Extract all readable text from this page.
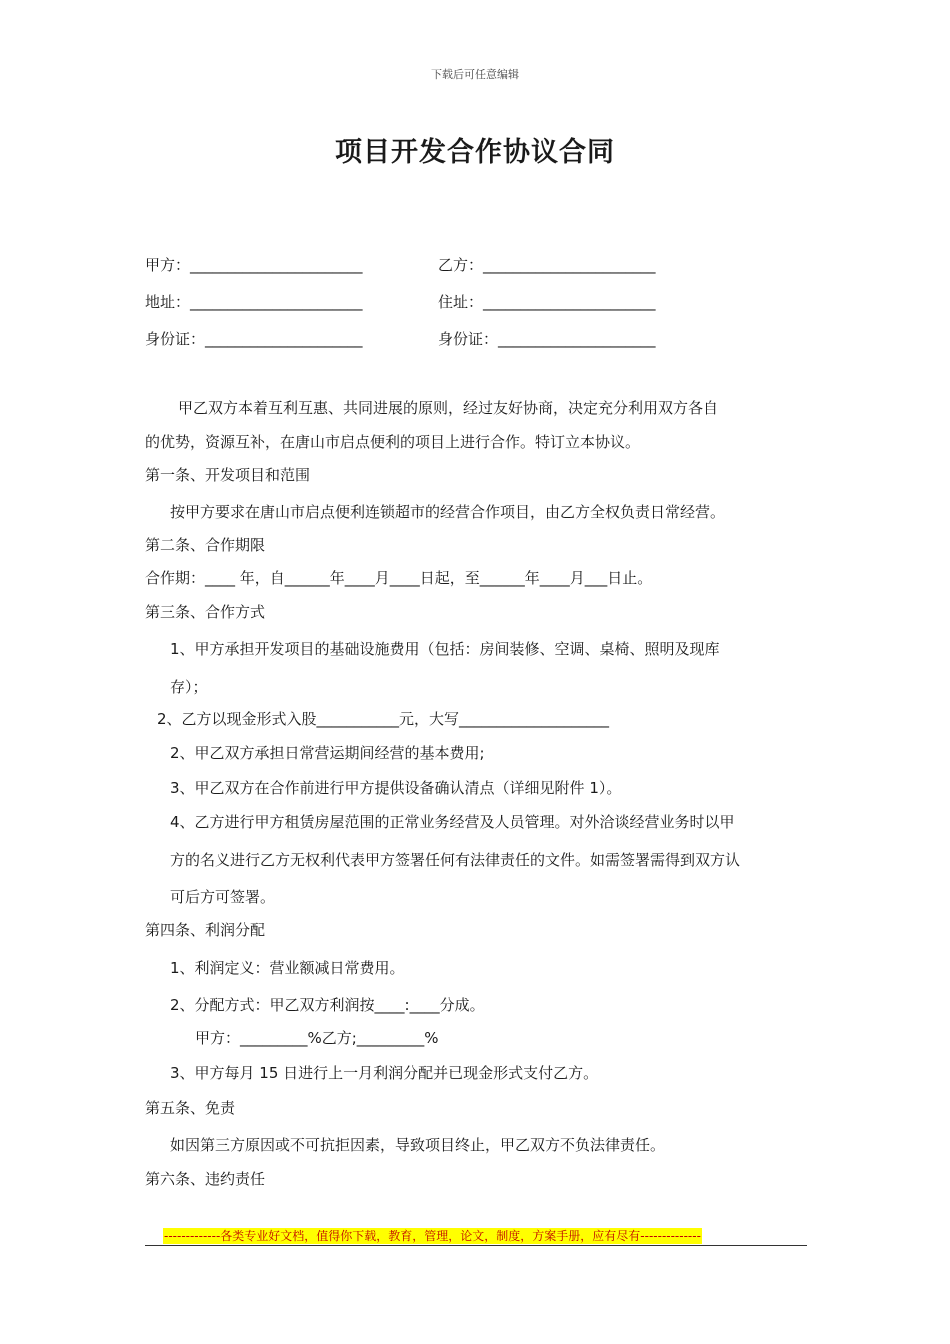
下载后可任意编辑
项目开发合作协议合同
甲方：_______________________	乙方：_______________________
地址：_______________________	住址：_______________________
身份证：_____________________	身份证：_____________________
甲乙双方本着互利互惠、共同进展的原则，经过友好协商，决定充分利用双方各自
的优势，资源互补，在唐山市启点便利的项目上进行合作。特订立本协议。
第一条、开发项目和范围
按甲方要求在唐山市启点便利连锁超市的经营合作项目，由乙方全权负责日常经营。
第二条、合作期限
合作期：____ 年，自______年____月____日起，至______年____月___日止。
第三条、合作方式
1、甲方承担开发项目的基础设施费用（包括：房间装修、空调、桌椅、照明及现库
存）；
2、乙方以现金形式入股___________元，大写____________________
2、甲乙双方承担日常营运期间经营的基本费用;
3、甲乙双方在合作前进行甲方提供设备确认清点（详细见附件 1）。
4、乙方进行甲方租赁房屋范围的正常业务经营及人员管理。对外洽谈经营业务时以甲
方的名义进行乙方无权利代表甲方签署任何有法律责任的文件。如需签署需得到双方认
可后方可签署。
第四条、利润分配
1、利润定义：营业额减日常费用。
2、分配方式：甲乙双方利润按____:____分成。
甲方：_________%乙方;_________%
3、甲方每月 15 日进行上一月利润分配并已现金形式支付乙方。
第五条、免责
如因第三方原因或不可抗拒因素，导致项目终止，甲乙双方不负法律责任。
第六条、违约责任
-------------各类专业好文档，值得你下载，教育，管理，论文，制度，方案手册，应有尽有--------------
